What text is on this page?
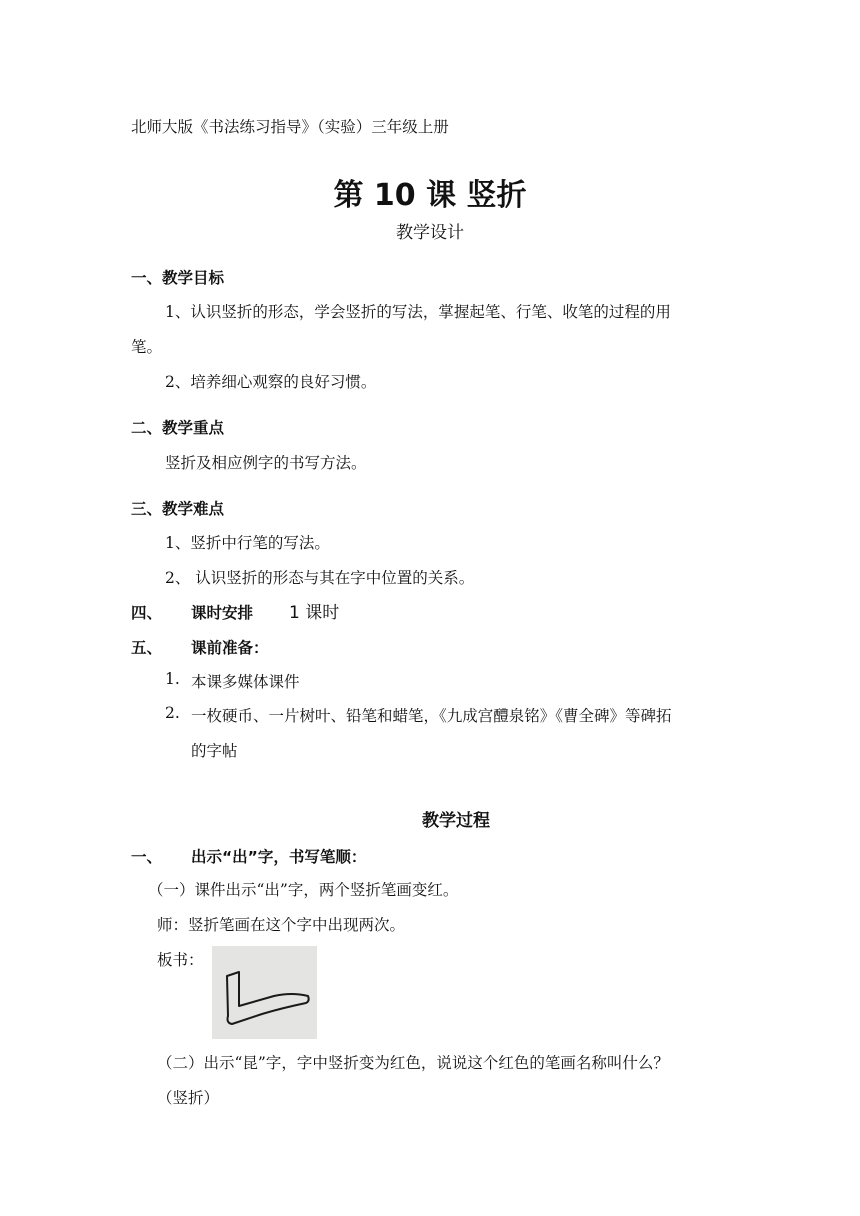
北师大版《书法练习指导》（实验）三年级上册
第 10 课 竖折
教学设计
一、教学目标
1、认识竖折的形态，学会竖折的写法，掌握起笔、行笔、收笔的过程的用
笔。
2、培养细心观察的良好习惯。
二、教学重点
竖折及相应例字的书写方法。
三、教学难点
1、竖折中行笔的写法。
2、 认识竖折的形态与其在字中位置的关系。
四、 课时安排 1 课时
五、 课前准备：
1. 本课多媒体课件
2. 一枚硬币、一片树叶、铅笔和蜡笔，《九成宫醴泉铭》《曹全碑》等碑拓
的字帖
教学过程
一、 出示“出”字，书写笔顺：
（一）课件出示“出”字，两个竖折笔画变红。
师：竖折笔画在这个字中出现两次。
板书：
（二）出示“昆”字，字中竖折变为红色，说说这个红色的笔画名称叫什么？
（竖折）
